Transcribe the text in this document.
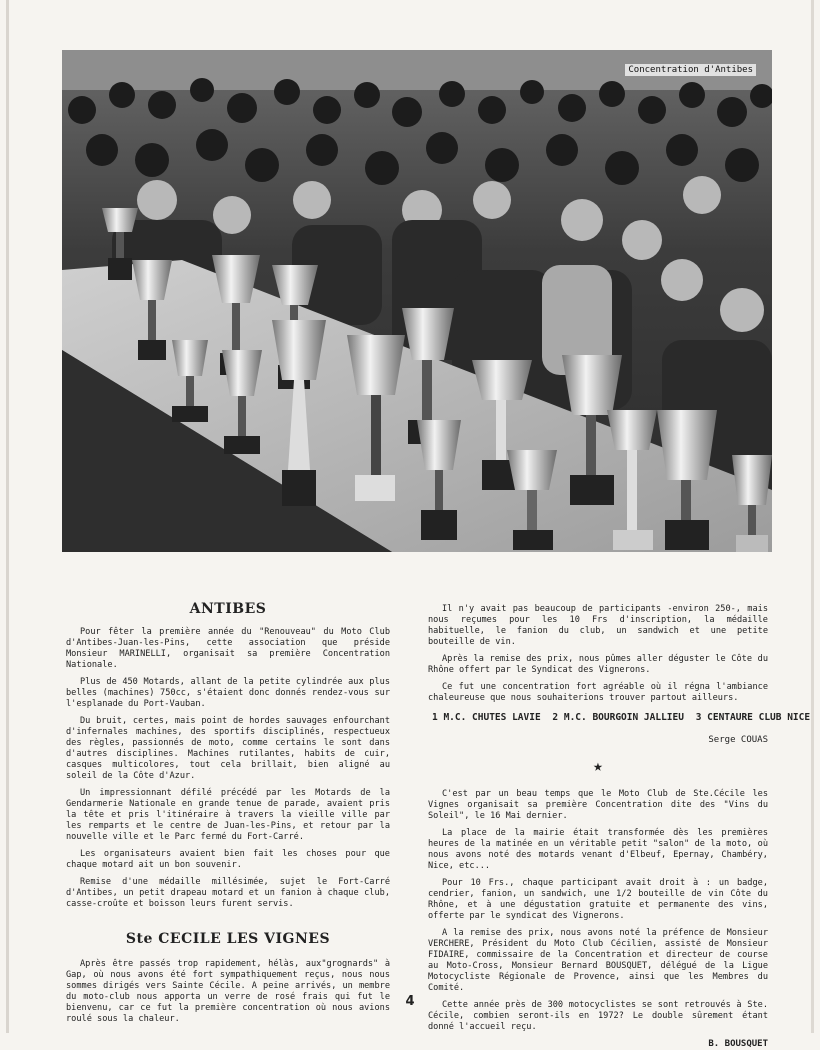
Concentration d'Antibes
ANTIBES

Pour fêter la première année du "Renouveau" du Moto Club d'Antibes-Juan-les-Pins, cette association que préside Monsieur MARINELLI, organisait sa première Concentration Nationale.

Plus de 450 Motards, allant de la petite cylindrée aux plus belles (machines) 750cc, s'étaient donc donnés rendez-vous sur l'esplanade du Port-Vauban.

Du bruit, certes, mais point de hordes sauvages enfourchant d'infernales machines, des sportifs disciplinés, respectueux des règles, passionnés de moto, comme certains le sont dans d'autres disciplines. Machines rutilantes, habits de cuir, casques multicolores, tout cela brillait, bien aligné au soleil de la Côte d'Azur.

Un impressionnant défilé précédé par les Motards de la Gendarmerie Nationale en grande tenue de parade, avaient pris la tête et pris l'itinéraire à travers la vieille ville par les remparts et le centre de Juan-les-Pins, et retour par la nouvelle ville et le Parc fermé du Fort-Carré.

Les organisateurs avaient bien fait les choses pour que chaque motard ait un bon souvenir.

Remise d'une médaille millésimée, sujet le Fort-Carré d'Antibes, un petit drapeau motard et un fanion à chaque club, casse-croûte et boisson leurs furent servis.

Ste CECILE LES VIGNES

Après être passés trop rapidement, hélàs, aux"grognards" à Gap, où nous avons été fort sympathiquement reçus, nous nous sommes dirigés vers Sainte Cécile. A peine arrivés, un membre du moto-club nous apporta un verre de rosé frais qui fut le bienvenu, car ce fut la première concentration où nous avions roulé sous la chaleur.

Il n'y avait pas beaucoup de participants -environ 250-, mais nous reçumes pour les 10 Frs d'inscription, la médaille habituelle, le fanion du club, un sandwich et une petite bouteille de vin.

Après la remise des prix, nous pûmes aller déguster le Côte du Rhône offert par le Syndicat des Vignerons.

Ce fut une concentration fort agréable où il régna l'ambiance chaleureuse que nous souhaiterions trouver partout ailleurs.

1 M.C. CHUTES LAVIE 2 M.C. BOURGOIN JALLIEU 3 CENTAURE CLUB NICE
Serge COUAS
★

C'est par un beau temps que le Moto Club de Ste.Cécile les Vignes organisait sa première Concentration dite des "Vins du Soleil", le 16 Mai dernier.

La place de la mairie était transformée dès les premières heures de la matinée en un véritable petit "salon" de la moto, où nous avons noté des motards venant d'Elbeuf, Epernay, Chambéry, Nice, etc...

Pour 10 Frs., chaque participant avait droit à : un badge, cendrier, fanion, un sandwich, une 1/2 bouteille de vin Côte du Rhône, et à une dégustation gratuite et permanente des vins, offerte par le syndicat des Vignerons.

A la remise des prix, nous avons noté la préfence de Monsieur VERCHERE, Président du Moto Club Cécilien, assisté de Monsieur FIDAIRE, commissaire de la Concentration et directeur de course au Moto-Cross, Monsieur Bernard BOUSQUET, délégué de la Ligue Motocycliste Régionale de Provence, ainsi que les Membres du Comité.

Cette année près de 300 motocyclistes se sont retrouvés à Ste. Cécile, combien seront-ils en 1972? Le double sûrement étant donné l'accueil reçu.

B. BOUSQUET
4
